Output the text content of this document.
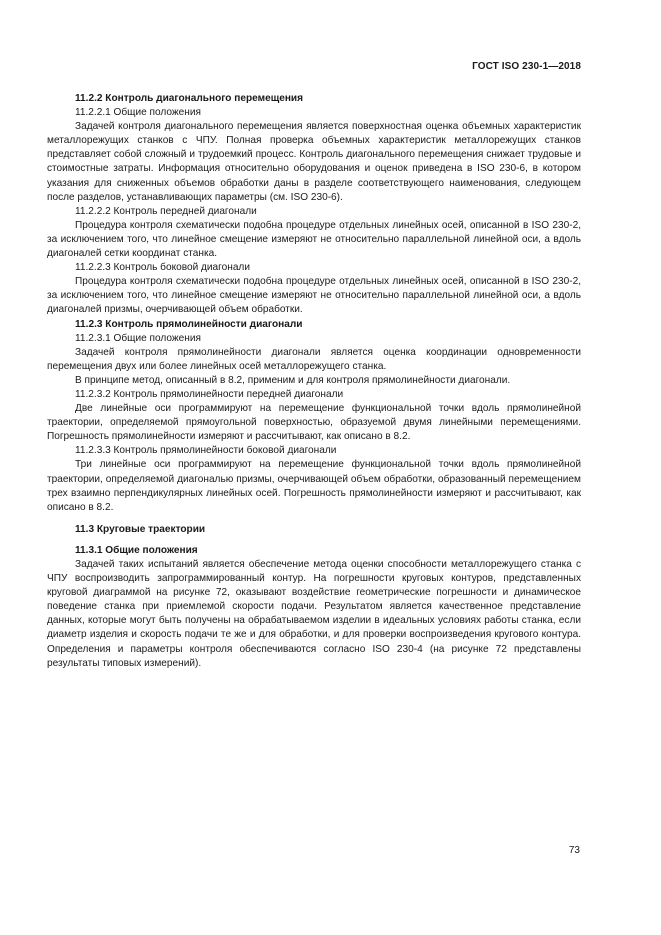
ГОСТ ISO 230-1—2018

11.2.2 Контроль диагонального перемещения

11.2.2.1 Общие положения

Задачей контроля диагонального перемещения является поверхностная оценка объемных характеристик металлорежущих станков с ЧПУ. Полная проверка объемных характеристик металлорежущих станков представляет собой сложный и трудоемкий процесс. Контроль диагонального перемещения снижает трудовые и стоимостные затраты. Информация относительно оборудования и оценок приведена в ISO 230-6, в котором указания для сниженных объемов обработки даны в разделе соответствующего наименования, следующем после разделов, устанавливающих параметры (см. ISO 230-6).

11.2.2.2 Контроль передней диагонали

Процедура контроля схематически подобна процедуре отдельных линейных осей, описанной в ISO 230-2, за исключением того, что линейное смещение измеряют не относительно параллельной линейной оси, а вдоль диагоналей сетки координат станка.

11.2.2.3 Контроль боковой диагонали

Процедура контроля схематически подобна процедуре отдельных линейных осей, описанной в ISO 230-2, за исключением того, что линейное смещение измеряют не относительно параллельной линейной оси, а вдоль диагоналей призмы, очерчивающей объем обработки.

11.2.3 Контроль прямолинейности диагонали

11.2.3.1 Общие положения

Задачей контроля прямолинейности диагонали является оценка координации одновременности перемещения двух или более линейных осей металлорежущего станка.

В принципе метод, описанный в 8.2, применим и для контроля прямолинейности диагонали.

11.2.3.2 Контроль прямолинейности передней диагонали

Две линейные оси программируют на перемещение функциональной точки вдоль прямолинейной траектории, определяемой прямоугольной поверхностью, образуемой двумя линейными перемещениями. Погрешность прямолинейности измеряют и рассчитывают, как описано в 8.2.

11.2.3.3 Контроль прямолинейности боковой диагонали

Три линейные оси программируют на перемещение функциональной точки вдоль прямолинейной траектории, определяемой диагональю призмы, очерчивающей объем обработки, образованный перемещением трех взаимно перпендикулярных линейных осей. Погрешность прямолинейности измеряют и рассчитывают, как описано в 8.2.

11.3 Круговые траектории

11.3.1 Общие положения

Задачей таких испытаний является обеспечение метода оценки способности металлорежущего станка с ЧПУ воспроизводить запрограммированный контур. На погрешности круговых контуров, представленных круговой диаграммой на рисунке 72, оказывают воздействие геометрические погрешности и динамическое поведение станка при приемлемой скорости подачи. Результатом является качественное представление данных, которые могут быть получены на обрабатываемом изделии в идеальных условиях работы станка, если диаметр изделия и скорость подачи те же и для обработки, и для проверки воспроизведения кругового контура. Определения и параметры контроля обеспечиваются согласно ISO 230-4 (на рисунке 72 представлены результаты типовых измерений).

73
